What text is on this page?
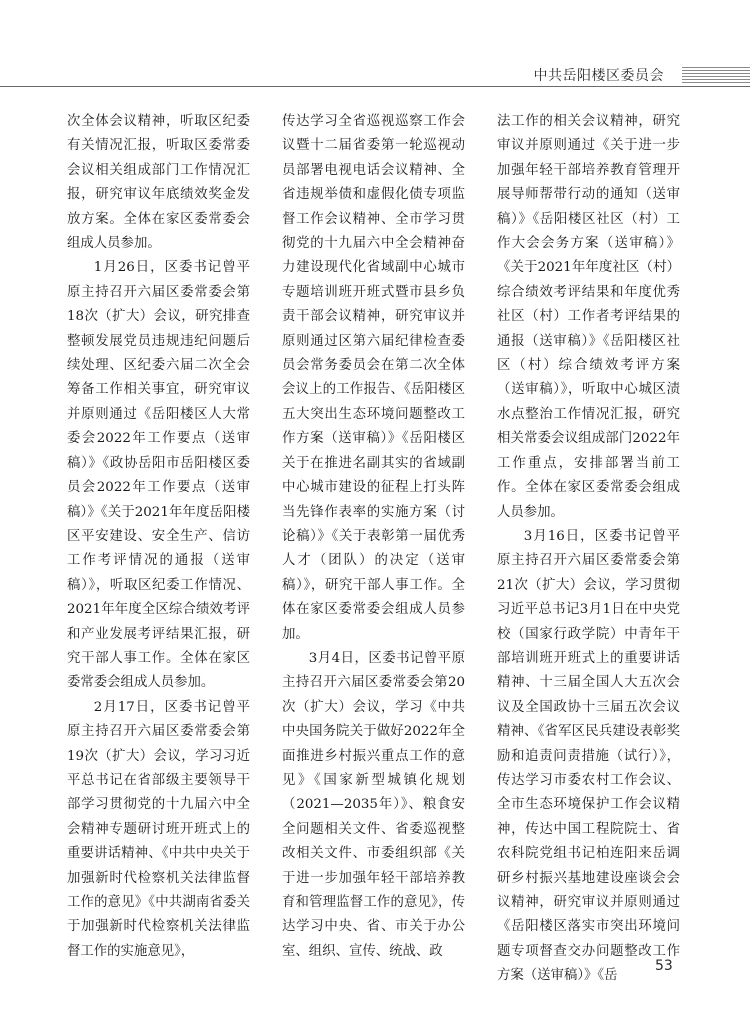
中共岳阳楼区委员会

次全体会议精神，听取区纪委有关情况汇报，听取区委常委会议相关组成部门工作情况汇报，研究审议年底绩效奖金发放方案。全体在家区委常委会组成人员参加。

1月26日，区委书记曾平原主持召开六届区委常委会第18次（扩大）会议，研究排查整顿发展党员违规违纪问题后续处理、区纪委六届二次全会筹备工作相关事宜，研究审议并原则通过《岳阳楼区人大常委会2022年工作要点（送审稿）》《政协岳阳市岳阳楼区委员会2022年工作要点（送审稿）》《关于2021年年度岳阳楼区平安建设、安全生产、信访工作考评情况的通报（送审稿）》，听取区纪委工作情况、2021年年度全区综合绩效考评和产业发展考评结果汇报，研究干部人事工作。全体在家区委常委会组成人员参加。

2月17日，区委书记曾平原主持召开六届区委常委会第19次（扩大）会议，学习习近平总书记在省部级主要领导干部学习贯彻党的十九届六中全会精神专题研讨班开班式上的重要讲话精神、《中共中央关于加强新时代检察机关法律监督工作的意见》《中共湖南省委关于加强新时代检察机关法律监督工作的实施意见》，

传达学习全省巡视巡察工作会议暨十二届省委第一轮巡视动员部署电视电话会议精神、全省违规举债和虚假化债专项监督工作会议精神、全市学习贯彻党的十九届六中全会精神奋力建设现代化省域副中心城市专题培训班开班式暨市县乡负责干部会议精神，研究审议并原则通过区第六届纪律检查委员会常务委员会在第二次全体会议上的工作报告、《岳阳楼区五大突出生态环境问题整改工作方案（送审稿）》《岳阳楼区关于在推进名副其实的省域副中心城市建设的征程上打头阵当先锋作表率的实施方案（讨论稿）》《关于表彰第一届优秀人才（团队）的决定（送审稿）》，研究干部人事工作。全体在家区委常委会组成人员参加。

3月4日，区委书记曾平原主持召开六届区委常委会第20次（扩大）会议，学习《中共中央国务院关于做好2022年全面推进乡村振兴重点工作的意见》《国家新型城镇化规划（2021—2035年）》、粮食安全问题相关文件、省委巡视整改相关文件、市委组织部《关于进一步加强年轻干部培养教育和管理监督工作的意见》，传达学习中央、省、市关于办公室、组织、宣传、统战、政

法工作的相关会议精神，研究审议并原则通过《关于进一步加强年轻干部培养教育管理开展导师帮带行动的通知（送审稿）》《岳阳楼区社区（村）工作大会会务方案（送审稿）》《关于2021年年度社区（村）综合绩效考评结果和年度优秀社区（村）工作者考评结果的通报（送审稿）》《岳阳楼区社区（村）综合绩效考评方案（送审稿）》，听取中心城区渍水点整治工作情况汇报，研究相关常委会议组成部门2022年工作重点，安排部署当前工作。全体在家区委常委会组成人员参加。

3月16日，区委书记曾平原主持召开六届区委常委会第21次（扩大）会议，学习贯彻习近平总书记3月1日在中央党校（国家行政学院）中青年干部培训班开班式上的重要讲话精神、十三届全国人大五次会议及全国政协十三届五次会议精神、《省军区民兵建设表彰奖励和追责问责措施（试行）》，传达学习市委农村工作会议、全市生态环境保护工作会议精神，传达中国工程院院士、省农科院党组书记柏连阳来岳调研乡村振兴基地建设座谈会会议精神，研究审议并原则通过《岳阳楼区落实市突出环境问题专项督查交办问题整改工作方案（送审稿）》《岳

53
